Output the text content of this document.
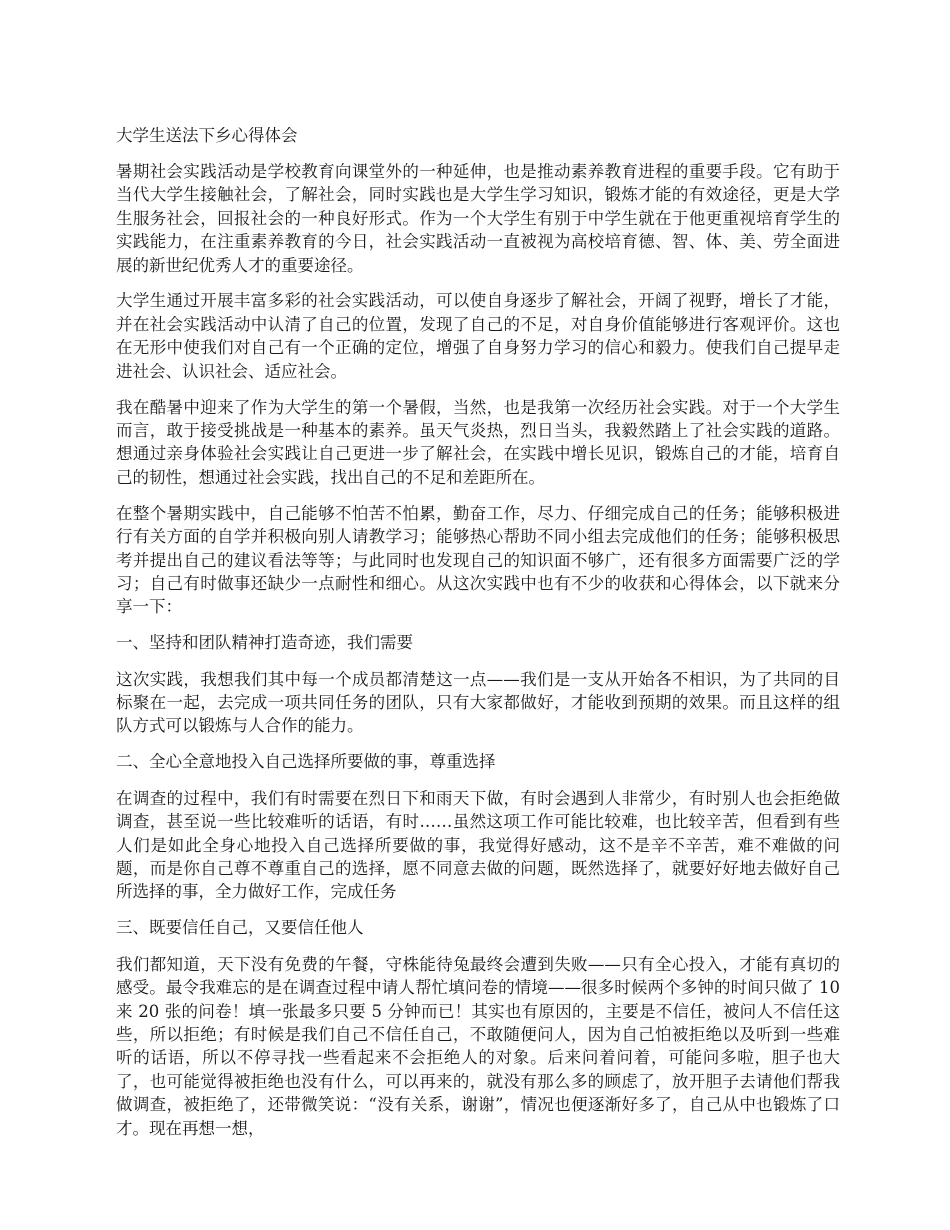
大学生送法下乡心得体会

暑期社会实践活动是学校教育向课堂外的一种延伸，也是推动素养教育进程的重要手段。它有助于当代大学生接触社会，了解社会，同时实践也是大学生学习知识，锻炼才能的有效途径，更是大学生服务社会，回报社会的一种良好形式。作为一个大学生有别于中学生就在于他更重视培育学生的实践能力，在注重素养教育的今日，社会实践活动一直被视为高校培育德、智、体、美、劳全面进展的新世纪优秀人才的重要途径。

大学生通过开展丰富多彩的社会实践活动，可以使自身逐步了解社会，开阔了视野，增长了才能，并在社会实践活动中认清了自己的位置，发现了自己的不足，对自身价值能够进行客观评价。这也在无形中使我们对自己有一个正确的定位，增强了自身努力学习的信心和毅力。使我们自己提早走进社会、认识社会、适应社会。

我在酷暑中迎来了作为大学生的第一个暑假，当然，也是我第一次经历社会实践。对于一个大学生而言，敢于接受挑战是一种基本的素养。虽天气炎热，烈日当头，我毅然踏上了社会实践的道路。想通过亲身体验社会实践让自己更进一步了解社会，在实践中增长见识，锻炼自己的才能，培育自己的韧性，想通过社会实践，找出自己的不足和差距所在。

在整个暑期实践中，自己能够不怕苦不怕累，勤奋工作，尽力、仔细完成自己的任务；能够积极进行有关方面的自学并积极向别人请教学习；能够热心帮助不同小组去完成他们的任务；能够积极思考并提出自己的建议看法等等；与此同时也发现自己的知识面不够广，还有很多方面需要广泛的学习；自己有时做事还缺少一点耐性和细心。从这次实践中也有不少的收获和心得体会，以下就来分享一下：

一、坚持和团队精神打造奇迹，我们需要

这次实践，我想我们其中每一个成员都清楚这一点——我们是一支从开始各不相识，为了共同的目标聚在一起，去完成一项共同任务的团队，只有大家都做好，才能收到预期的效果。而且这样的组队方式可以锻炼与人合作的能力。

二、全心全意地投入自己选择所要做的事，尊重选择

在调查的过程中，我们有时需要在烈日下和雨天下做，有时会遇到人非常少，有时别人也会拒绝做调查，甚至说一些比较难听的话语，有时……虽然这项工作可能比较难，也比较辛苦，但看到有些人们是如此全身心地投入自己选择所要做的事，我觉得好感动，这不是辛不辛苦，难不难做的问题，而是你自己尊不尊重自己的选择，愿不同意去做的问题，既然选择了，就要好好地去做好自己所选择的事，全力做好工作，完成任务

三、既要信任自己，又要信任他人

我们都知道，天下没有免费的午餐，守株能待兔最终会遭到失败——只有全心投入，才能有真切的感受。最令我难忘的是在调查过程中请人帮忙填问卷的情境——很多时候两个多钟的时间只做了 10 来 20 张的问卷！填一张最多只要 5 分钟而已！其实也有原因的，主要是不信任，被问人不信任这些，所以拒绝；有时候是我们自己不信任自己，不敢随便问人，因为自己怕被拒绝以及听到一些难听的话语，所以不停寻找一些看起来不会拒绝人的对象。后来问着问着，可能问多啦，胆子也大了，也可能觉得被拒绝也没有什么，可以再来的，就没有那么多的顾虑了，放开胆子去请他们帮我做调查，被拒绝了，还带微笑说：“没有关系，谢谢”，情况也便逐渐好多了，自己从中也锻炼了口才。现在再想一想，
